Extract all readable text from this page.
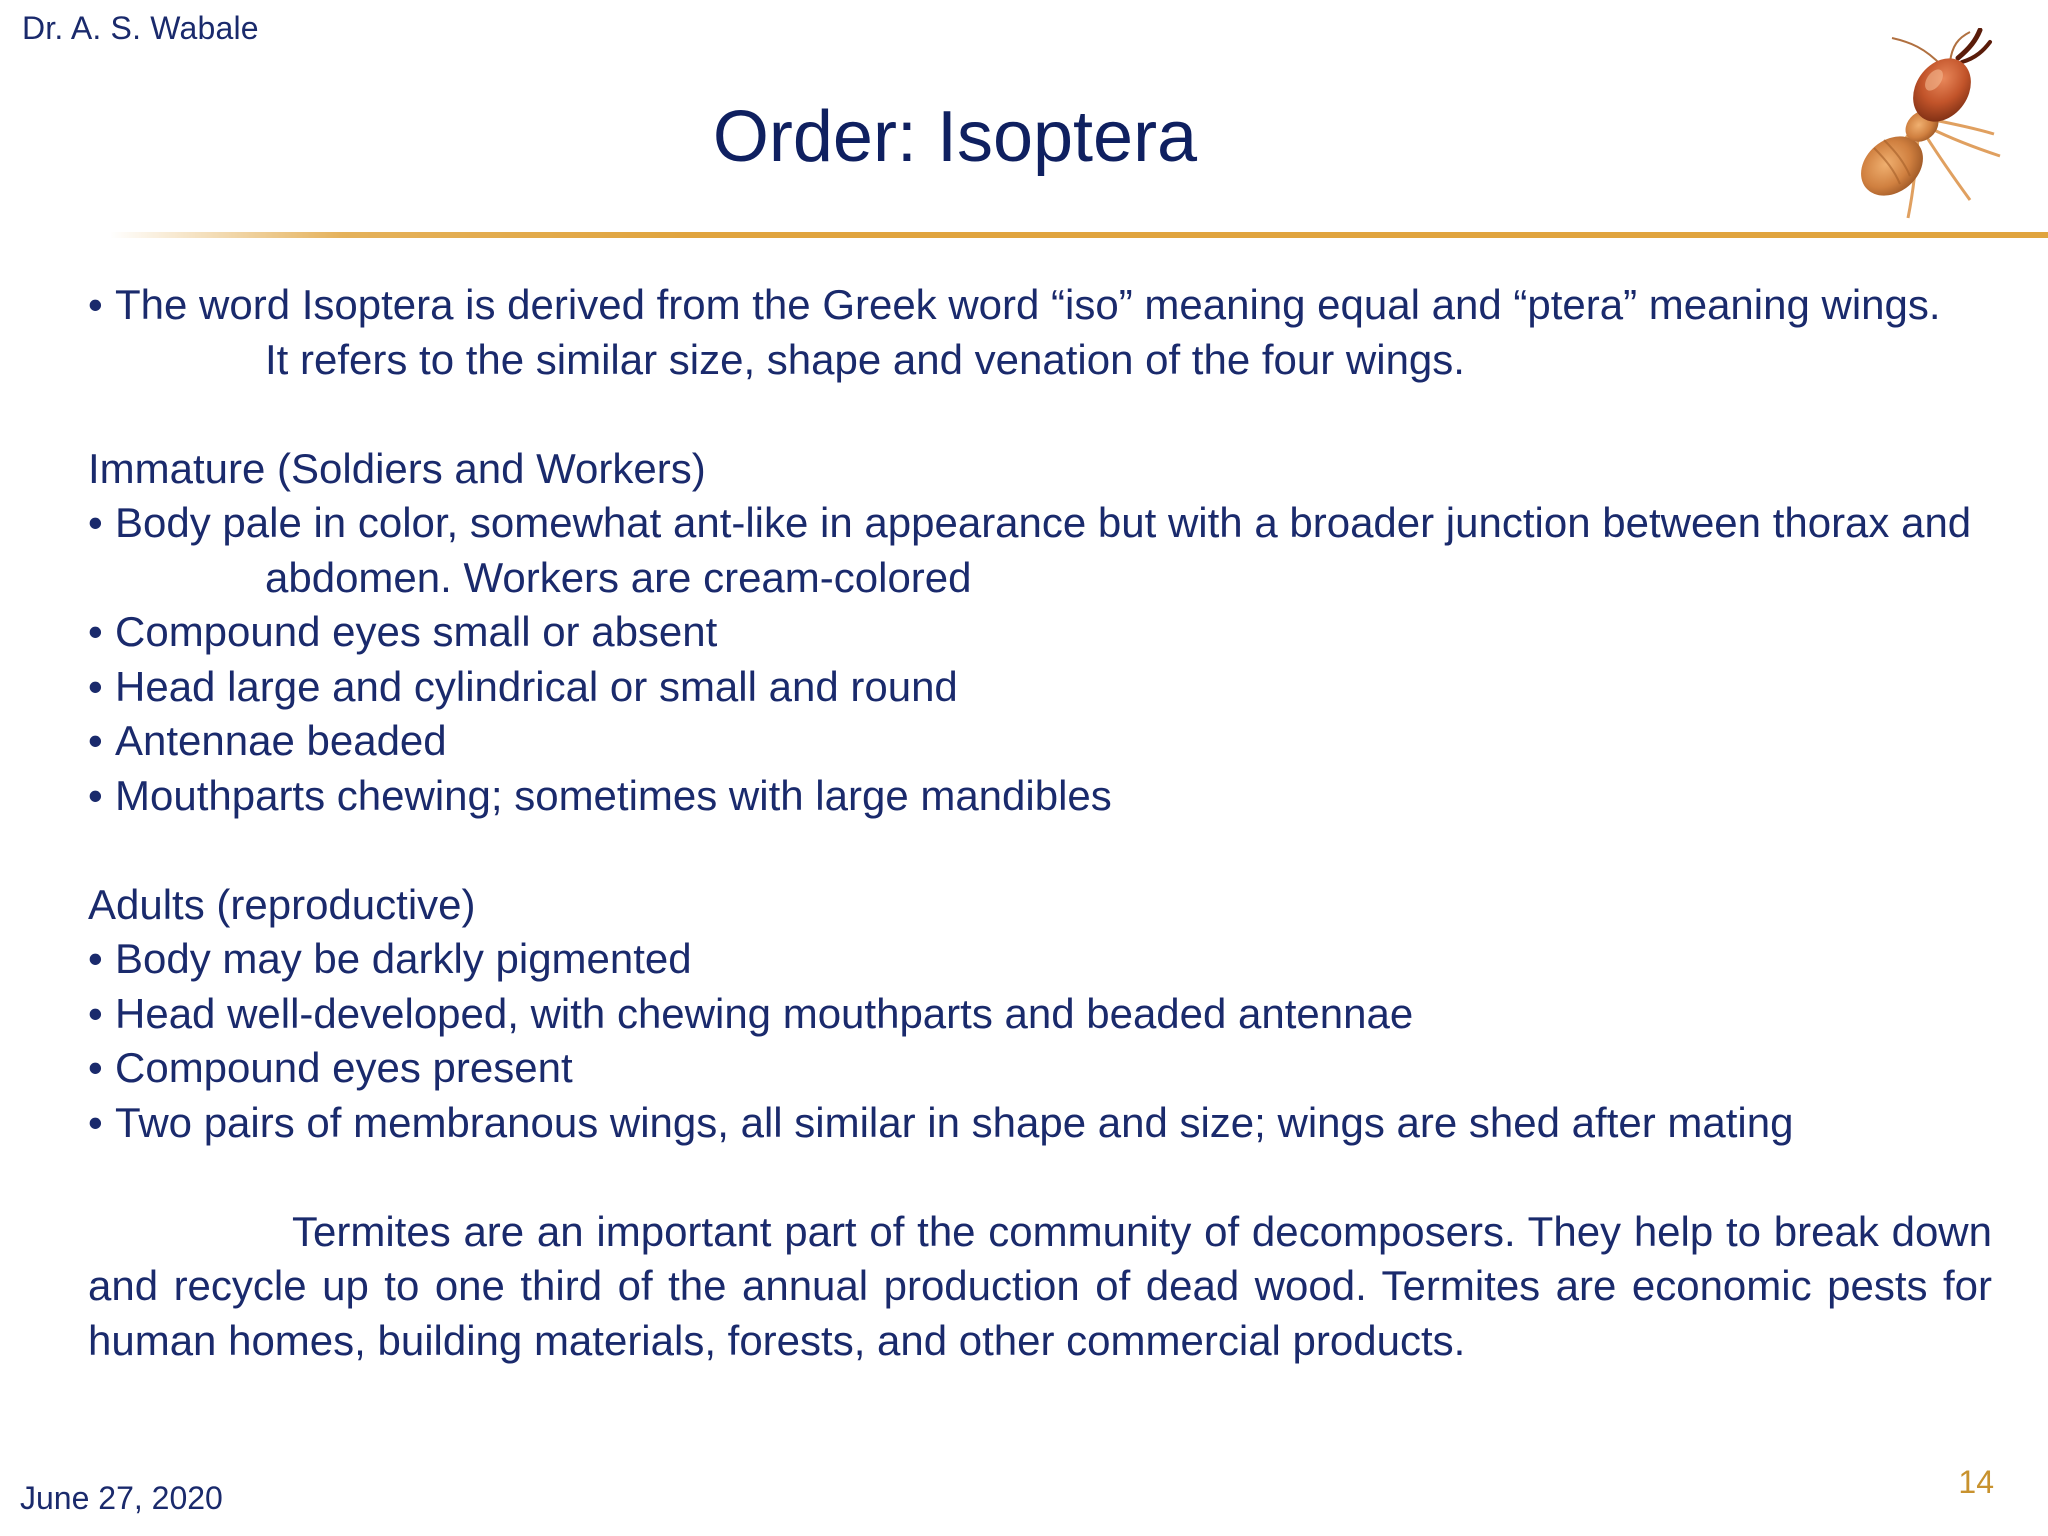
Dr. A. S. Wabale
Order: Isoptera
• The word Isoptera is derived from the Greek word “iso” meaning equal and “ptera” meaning wings.
It refers to the similar size, shape and venation of the four wings.
Immature (Soldiers and Workers)
• Body pale in color, somewhat ant-like in appearance but with a broader junction between thorax and
abdomen. Workers are cream-colored
• Compound eyes small or absent
• Head large and cylindrical or small and round
• Antennae beaded
• Mouthparts chewing; sometimes with large mandibles
Adults (reproductive)
• Body may be darkly pigmented
• Head well-developed, with chewing mouthparts and beaded antennae
• Compound eyes present
• Two pairs of membranous wings, all similar in shape and size; wings are shed after mating
Termites are an important part of the community of decomposers. They help to break down and recycle up to one third of the annual production of dead wood. Termites are economic pests for human homes, building materials, forests, and other commercial products.
June 27, 2020	14
